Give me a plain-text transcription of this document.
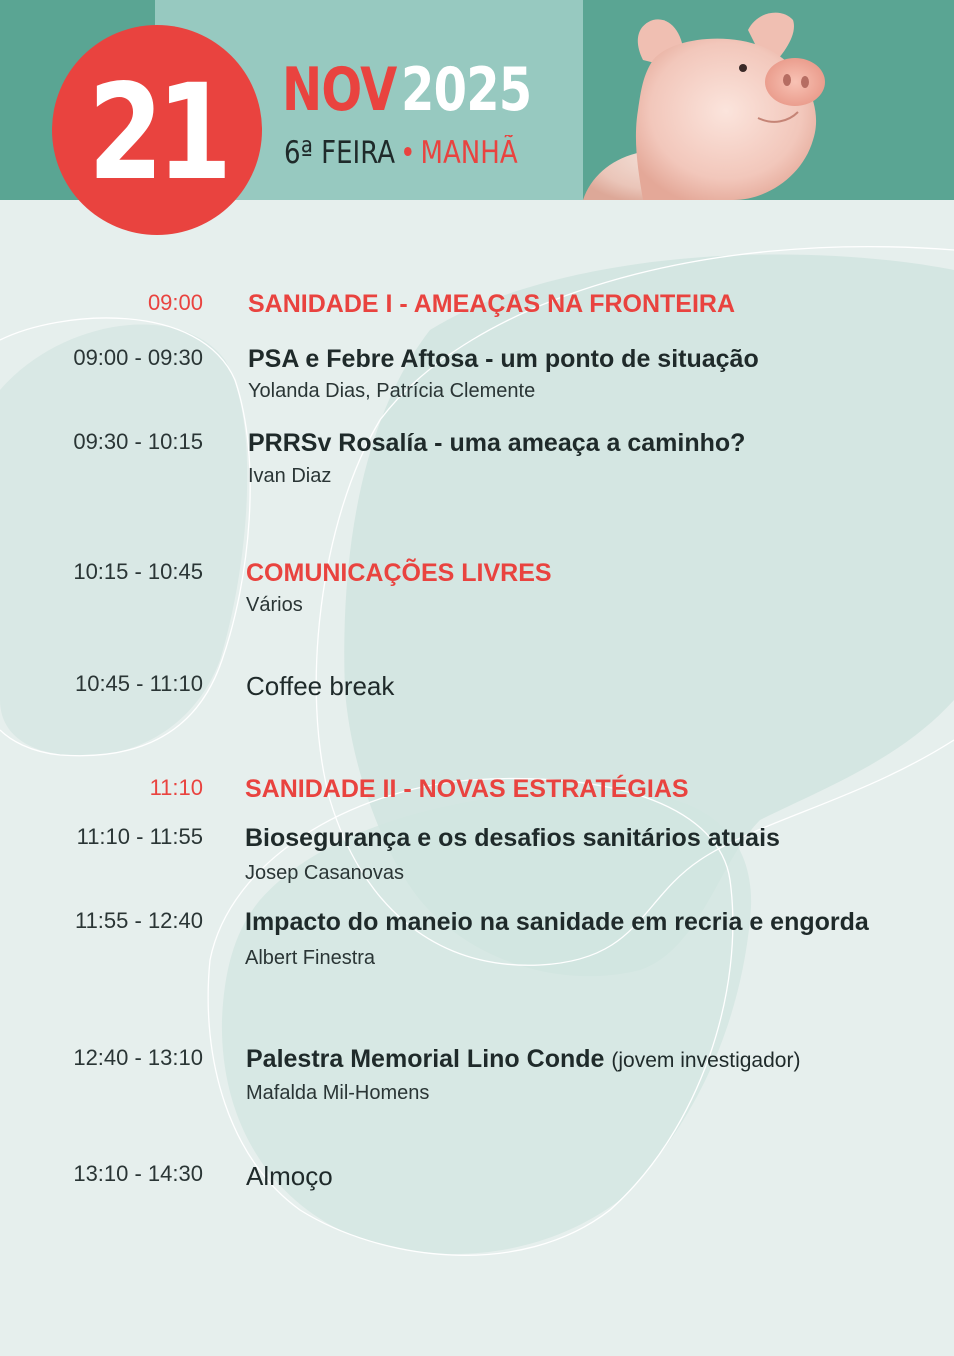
21 NOV2025
6ª FEIRA • MANHÃ
09:00 SANIDADE I - AMEAÇAS NA FRONTEIRA
09:00 - 09:30 PSA e Febre Aftosa - um ponto de situação
Yolanda Dias, Patrícia Clemente
09:30 - 10:15 PRRSv Rosalía - uma ameaça a caminho?
Ivan Diaz
10:15 - 10:45 COMUNICAÇÕES LIVRES
Vários
10:45 - 11:10 Coffee break
11:10 SANIDADE II - NOVAS ESTRATÉGIAS
11:10 - 11:55 Biosegurança e os desafios sanitários atuais
Josep Casanovas
11:55 - 12:40 Impacto do maneio na sanidade em recria e engorda
Albert Finestra
12:40 - 13:10 Palestra Memorial Lino Conde (jovem investigador)
Mafalda Mil-Homens
13:10 - 14:30 Almoço
